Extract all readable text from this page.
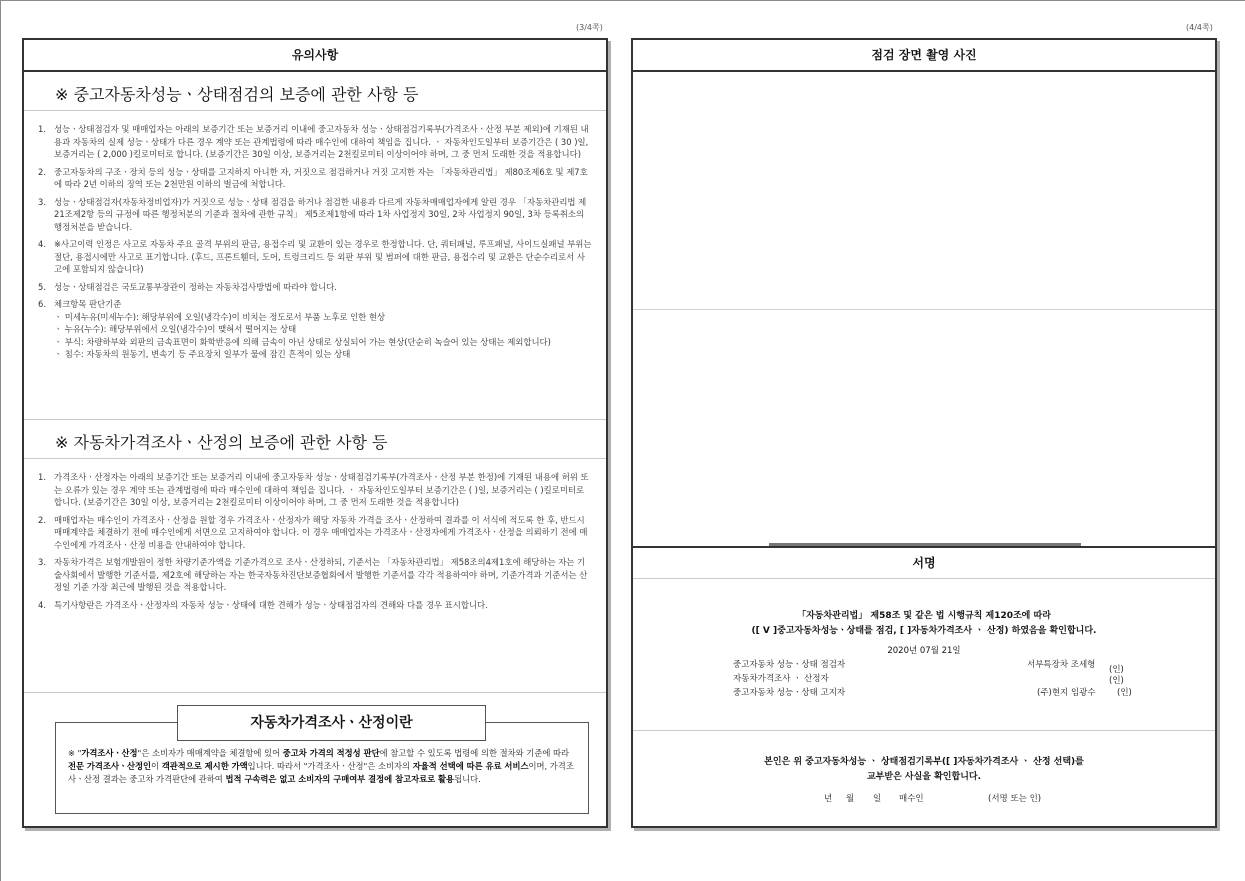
(3/4쪽)
유의사항
※ 중고자동차성능ㆍ상태점검의 보증에 관한 사항 등
1. 성능ㆍ상태점검자 및 매매업자는 아래의 보증기간 또는 보증거리 이내에 중고자동차 성능ㆍ상태점검기록부(가격조사ㆍ산정 부분 제외)에 기재된 내용과 자동차의 실제 성능ㆍ상태가 다른 경우 계약 또는 관계법령에 따라 매수인에 대하여 책임을 집니다. ㆍ 자동차인도일부터 보증기간은 ( 30 )일, 보증거리는 ( 2,000 )킬로미터로 합니다. (보증기간은 30일 이상, 보증거리는 2천킬로미터 이상이어야 하며, 그 중 먼저 도래한 것을 적용합니다)
2. 중고자동차의 구조ㆍ장치 등의 성능ㆍ상태를 고지하지 아니한 자, 거짓으로 점검하거나 거짓 고지한 자는 「자동차관리법」 제80조제6호 및 제7호에 따라 2년 이하의 징역 또는 2천만원 이하의 벌금에 처합니다.
3. 성능ㆍ상태점검자(자동차정비업자)가 거짓으로 성능ㆍ상태 점검을 하거나 점검한 내용과 다르게 자동차매매업자에게 알린 경우 「자동차관리법 제21조제2항 등의 규정에 따른 행정처분의 기준과 절차에 관한 규칙」 제5조제1항에 따라 1차 사업정지 30일, 2차 사업정지 90일, 3차 등록취소의 행정처분을 받습니다.
4. ※사고이력 인정은 사고로 자동차 주요 골격 부위의 판금, 용접수리 및 교환이 있는 경우로 한정합니다. 단, 쿼터패널, 루프패널, 사이드실패널 부위는 절단, 용접시에만 사고로 표기합니다. (후드, 프론트휀더, 도어, 트렁크리드 등 외판 부위 및 범퍼에 대한 판금, 용접수리 및 교환은 단순수리로서 사고에 포함되지 않습니다)
5. 성능ㆍ상태점검은 국토교통부장관이 정하는 자동차검사방법에 따라야 합니다.
6. 체크항목 판단기준
ㆍ 미세누유(미세누수): 해당부위에 오일(냉각수)이 비치는 정도로서 부품 노후로 인한 현상
ㆍ 누유(누수): 해당부위에서 오일(냉각수)이 맺혀서 떨어지는 상태
ㆍ 부식: 차량하부와 외판의 금속표면이 화학반응에 의해 금속이 아닌 상태로 상실되어 가는 현상(단순히 녹슬어 있는 상태는 제외합니다)
ㆍ 침수: 자동차의 원동기, 변속기 등 주요장치 일부가 물에 잠긴 흔적이 있는 상태
※ 자동차가격조사ㆍ산정의 보증에 관한 사항 등
1. 가격조사ㆍ산정자는 아래의 보증기간 또는 보증거리 이내에 중고자동차 성능ㆍ상태점검기록부(가격조사ㆍ산정 부분 한정)에 기재된 내용에 허위 또는 오류가 있는 경우 계약 또는 관계법령에 따라 매수인에 대하여 책임을 집니다. ㆍ 자동차인도일부터 보증기간은 ( )일, 보증거리는 ( )킬로미터로 합니다. (보증기간은 30일 이상, 보증거리는 2천킬로미터 이상이어야 하며, 그 중 먼저 도래한 것을 적용합니다)
2. 매매업자는 매수인이 가격조사ㆍ산정을 원할 경우 가격조사ㆍ산정자가 해당 자동차 가격을 조사ㆍ산정하여 결과를 이 서식에 적도록 한 후, 반드시 매매계약을 체결하기 전에 매수인에게 서면으로 고지하여야 합니다. 이 경우 매매업자는 가격조사ㆍ산정자에게 가격조사ㆍ산정을 의뢰하기 전에 매수인에게 가격조사ㆍ산정 비용을 안내하여야 합니다.
3. 자동차가격은 보험개발원이 정한 차량기준가액을 기준가격으로 조사ㆍ산정하되, 기준서는 「자동차관리법」 제58조의4제1호에 해당하는 자는 기술사회에서 발행한 기준서를, 제2호에 해당하는 자는 한국자동차진단보증협회에서 발행한 기준서를 각각 적용하여야 하며, 기준가격과 기준서는 산정일 기준 가장 최근에 발행된 것을 적용합니다.
4. 특기사항란은 가격조사ㆍ산정자의 자동차 성능ㆍ상태에 대한 견해가 성능ㆍ상태점검자의 견해와 다를 경우 표시합니다.
※ "가격조사ㆍ산정"은 소비자가 매매계약을 체결함에 있어 중고차 가격의 적정성 판단에 참고할 수 있도록 법령에 의한 절차와 기준에 따라 전문 가격조사ㆍ산정인이 객관적으로 제시한 가액입니다. 따라서 "가격조사ㆍ산정"은 소비자의 자율적 선택에 따른 유료 서비스이며, 가격조사ㆍ산정 결과는 중고차 가격판단에 관하여 법적 구속력은 없고 소비자의 구매여부 결정에 참고자료로 활용됩니다.
자동차가격조사ㆍ산정이란
(4/4쪽)
점검 장면 촬영 사진
서명
「자동차관리법」 제58조 및 같은 법 시행규칙 제120조에 따라
([ V ]중고자동차성능ㆍ상태를 점검, [ ]자동차가격조사 ㆍ 산정) 하였음을 확인합니다.
2020년 07월 21일
중고자동차 성능ㆍ상태 점검자	서부특장차 조세형 (인)
자동차가격조사 ㆍ 산정자	(인)
중고자동차 성능ㆍ상태 고지자	(주)현지 임광수	(인)
본인은 위 중고자동차성능 ㆍ 상태점검기록부([ ]자동차가격조사 ㆍ 산정 선택)를
교부받은 사실을 확인합니다.
년 월 일 매수인	(서명 또는 인)
